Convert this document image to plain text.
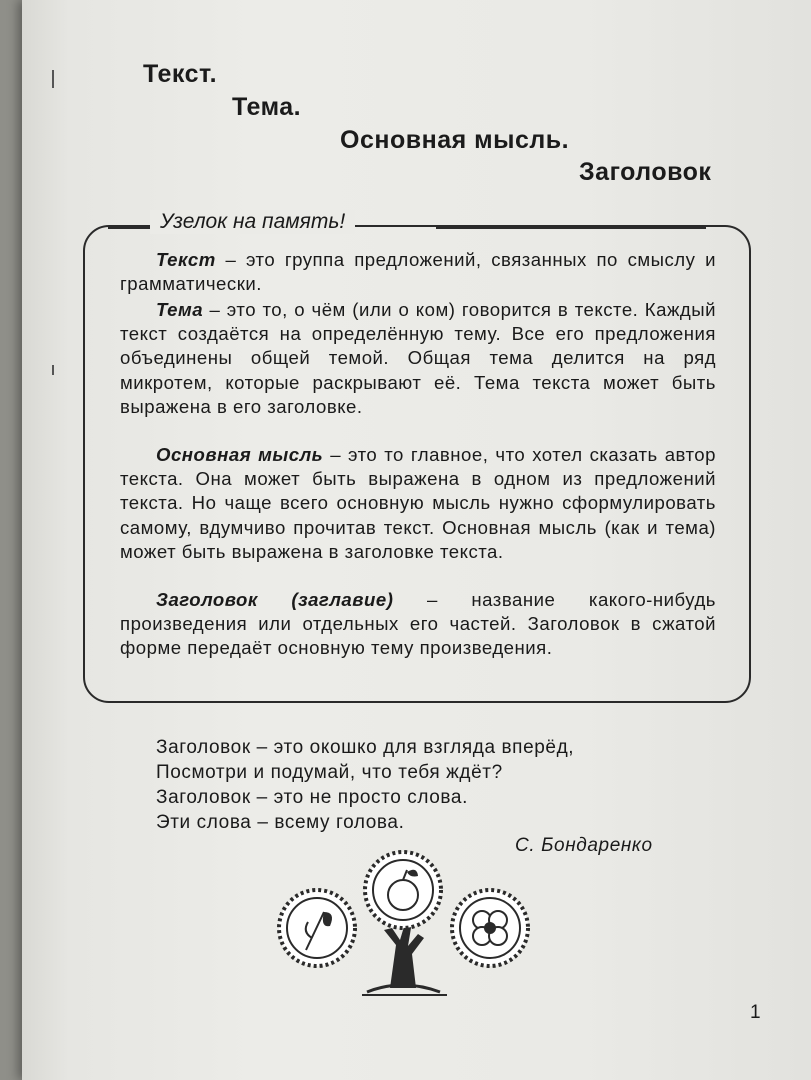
Текст.
Тема.
Основная мысль.
Заголовок
Узелок на память!
Текст – это группа предложений, связанных по смыслу и грамматически.
Тема – это то, о чём (или о ком) говорится в тексте. Каждый текст создаётся на определённую тему. Все его предложения объединены общей темой. Общая тема делится на ряд микротем, которые раскрывают её. Тема текста может быть выражена в его заголовке.
Основная мысль – это то главное, что хотел сказать автор текста. Она может быть выражена в одном из предложений текста. Но чаще всего основную мысль нужно сформулировать самому, вдумчиво прочитав текст. Основная мысль (как и тема) может быть выражена в заголовке текста.
Заголовок (заглавие) – название какого-нибудь произведения или отдельных его частей. Заголовок в сжатой форме передаёт основную тему произведения.
Заголовок – это окошко для взгляда вперёд,
Посмотри и подумай, что тебя ждёт?
Заголовок – это не просто слова.
Эти слова – всему голова.
С. Бондаренко
1
